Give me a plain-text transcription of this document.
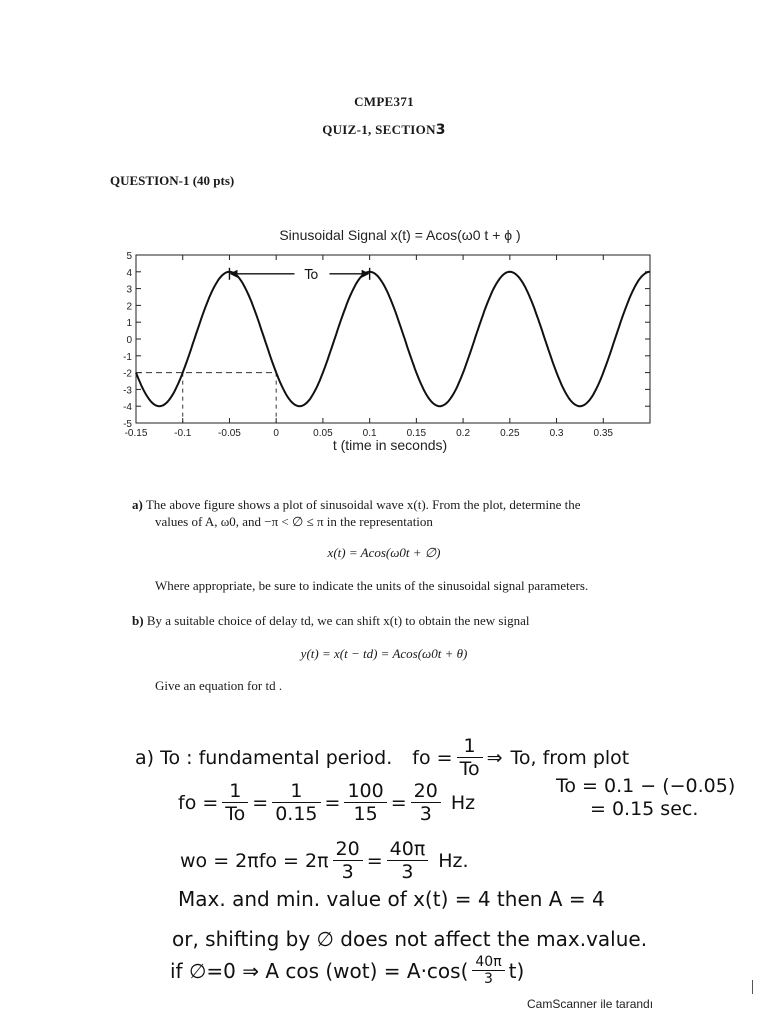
CMPE371
QUIZ-1, SECTION3
QUESTION-1 (40 pts)
Sinusoidal Signal x(t) = Acos(ω0 t + ϕ )
5
4
3
2
1
0
-1
-2
-3
-4
-5
-0.15	-0.1	-0.05	0	0.05	0.1	0.15	0.2	0.25	0.3	0.35
To
t (time in seconds)
a) The above figure shows a plot of sinusoidal wave x(t). From the plot, determine the
values of A, ω0, and −π < ∅ ≤ π in the representation
x(t) = Acos(ω0t + ∅)
Where appropriate, be sure to indicate the units of the sinusoidal signal parameters.
b) By a suitable choice of delay td, we can shift x(t) to obtain the new signal
y(t) = x(t − td) = Acos(ω0t + θ)
Give an equation for td .
a) To : fundamental period. fo = $\frac{1}{To}$ ⇒ To, from plot
To = 0.1 − (−0.05)
= 0.15 sec.
fo = $\frac{1}{To} = \frac{1}{0.15} = \frac{100}{15} = \frac{20}{3}$ Hz
wo = $2\pi fo = 2\pi \frac{20}{3} = \frac{40\pi}{3} Hz$.
Max. and min. value of x(t) = 4 then A = 4
or, shifting by ∅ does not affect the max.value.
if ∅=0 ⇒ A $\cos (wot) = A\cdot\cos( \frac{40\pi}{3} t)$
CamScanner ile tarandı
